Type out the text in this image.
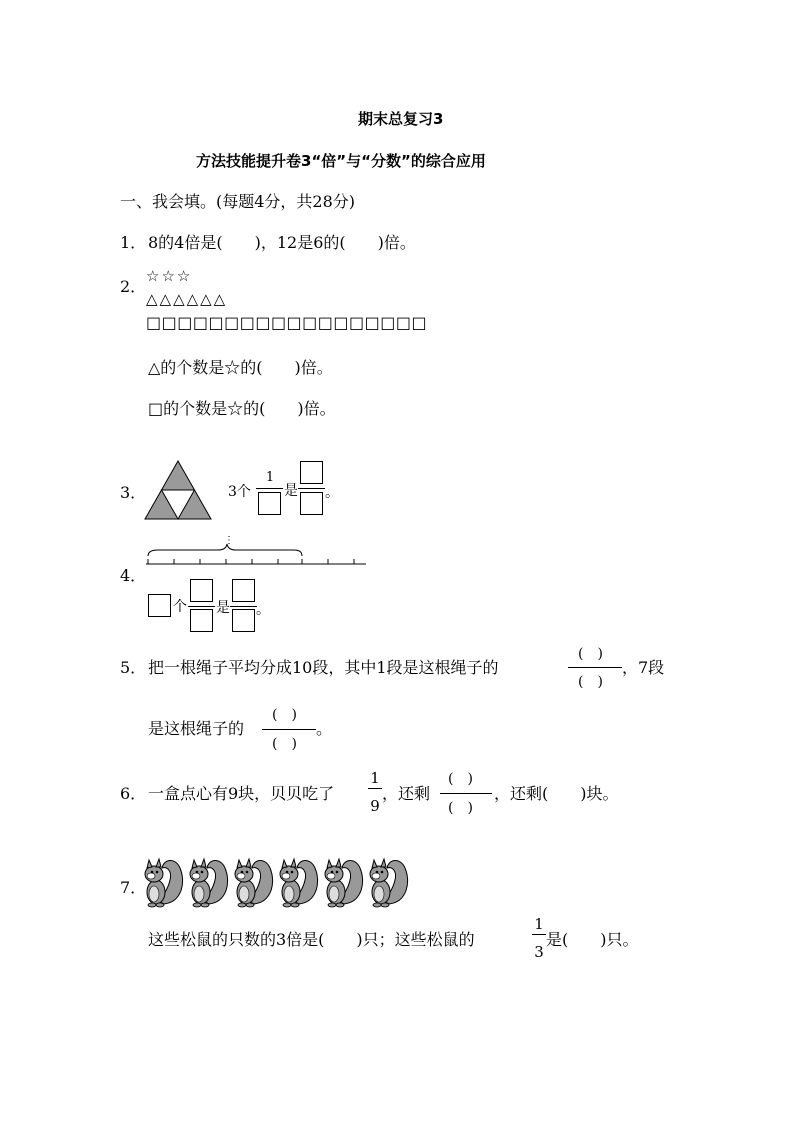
期末总复习3
方法技能提升卷3“倍”与“分数”的综合应用
一、我会填。(每题4分，共28分)
1． 8的4倍是(　　)，12是6的(　　)倍。
2．
☆☆☆
△△△△△△
□□□□□□□□□□□□□□□□□□
△的个数是☆的(　　)倍。
□的个数是☆的(　　)倍。
3．	3个
1
是 。
4．
⋮
个 是 。
5． 把一根绳子平均分成10段，其中1段是这根绳子的
(　)
(　)
，7段
是这根绳子的
(　)
(　)
。
6． 一盒点心有9块，贝贝吃了
1
9
，还剩
(　)
(　)
，还剩(　　)块。
7．
这些松鼠的只数的3倍是(　　)只；这些松鼠的
1
3
是(　　)只。
